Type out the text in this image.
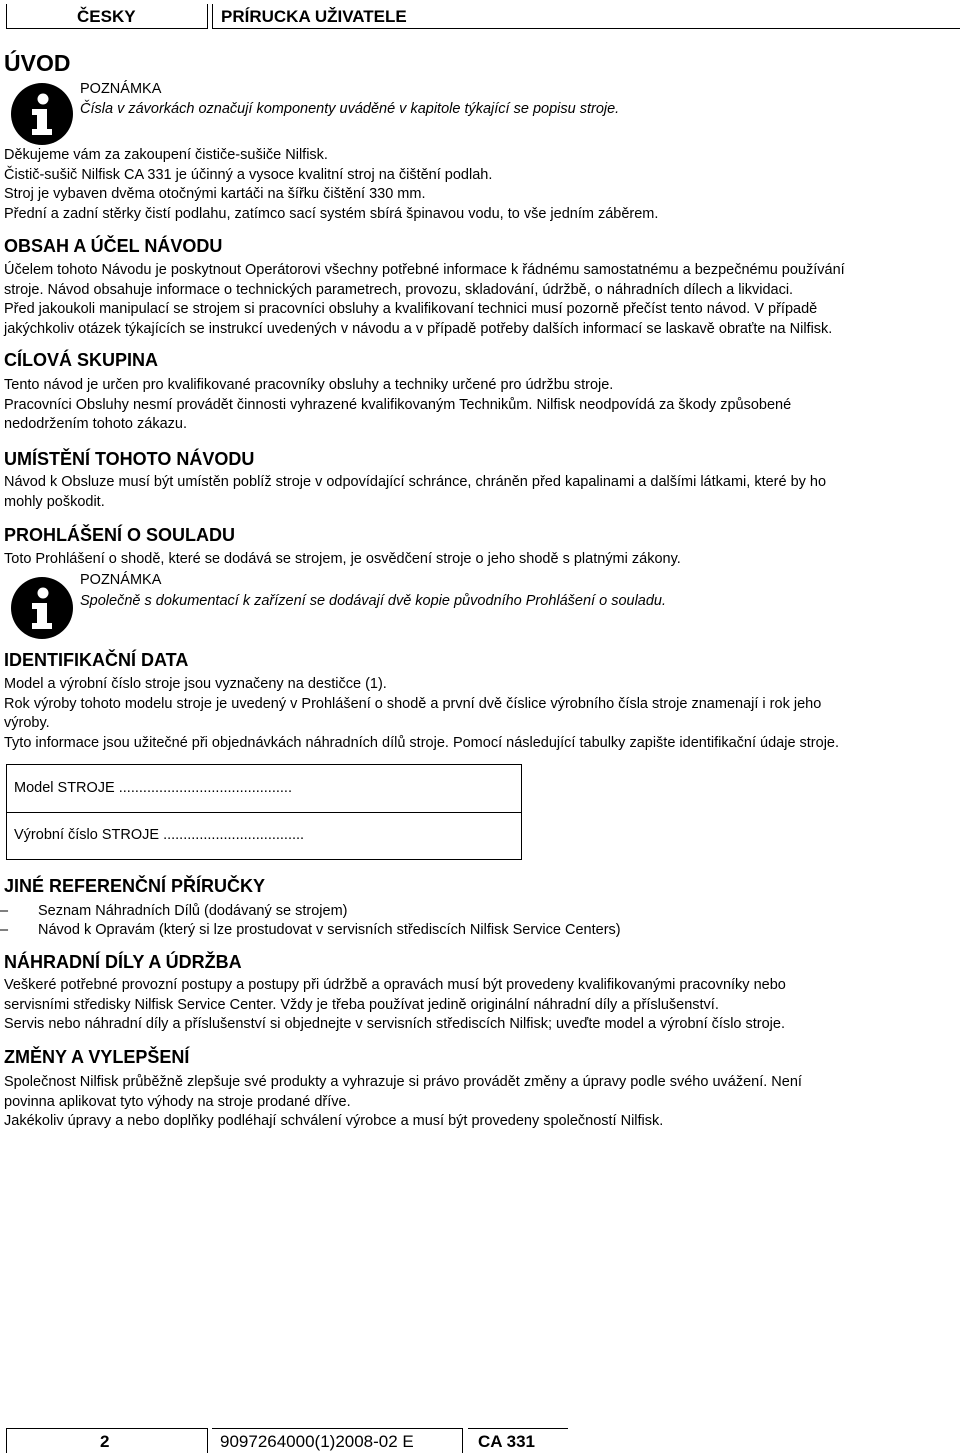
ČESKY	PRÍRUCKA UŽIVATELE
ÚVOD
POZNÁMKA
Čísla v závorkách označují komponenty uváděné v kapitole týkající se popisu stroje.
Děkujeme vám za zakoupení čističe-sušiče Nilfisk.
Čistič-sušič Nilfisk CA 331 je účinný a vysoce kvalitní stroj na čištění podlah.
Stroj je vybaven dvěma otočnými kartáči na šířku čištění 330 mm.
Přední a zadní stěrky čistí podlahu, zatímco sací systém sbírá špinavou vodu, to vše jedním záběrem.
OBSAH A ÚČEL NÁVODU
Účelem tohoto Návodu je poskytnout Operátorovi všechny potřebné informace k řádnému samostatnému a bezpečnému používání
stroje. Návod obsahuje informace o technických parametrech, provozu, skladování, údržbě, o náhradních dílech a likvidaci.
Před jakoukoli manipulací se strojem si pracovníci obsluhy a kvalifikovaní technici musí pozorně přečíst tento návod. V případě
jakýchkoliv otázek týkajících se instrukcí uvedených v návodu a v případě potřeby dalších informací se laskavě obraťte na Nilfisk.
CÍLOVÁ SKUPINA
Tento návod je určen pro kvalifikované pracovníky obsluhy a techniky určené pro údržbu stroje.
Pracovníci Obsluhy nesmí provádět činnosti vyhrazené kvalifikovaným Technikům. Nilfisk neodpovídá za škody způsobené
nedodržením tohoto zákazu.
UMÍSTĚNÍ TOHOTO NÁVODU
Návod k Obsluze musí být umístěn poblíž stroje v odpovídající schránce, chráněn před kapalinami a dalšími látkami, které by ho
mohly poškodit.
PROHLÁŠENÍ O SOULADU
Toto Prohlášení o shodě, které se dodává se strojem, je osvědčení stroje o jeho shodě s platnými zákony.
POZNÁMKA
Společně s dokumentací k zařízení se dodávají dvě kopie původního Prohlášení o souladu.
IDENTIFIKAČNÍ DATA
Model a výrobní číslo stroje jsou vyznačeny na destičce (1).
Rok výroby tohoto modelu stroje je uvedený v Prohlášení o shodě a první dvě číslice výrobního čísla stroje znamenají i rok jeho
výroby.
Tyto informace jsou užitečné při objednávkách náhradních dílů stroje. Pomocí následující tabulky zapište identifikační údaje stroje.
Model STROJE ...........................................
Výrobní číslo STROJE ...................................
JINÉ REFERENČNÍ PŘÍRUČKY
– Seznam Náhradních Dílů (dodávaný se strojem)
– Návod k Opravám (který si lze prostudovat v servisních střediscích Nilfisk Service Centers)
NÁHRADNÍ DÍLY A ÚDRŽBA
Veškeré potřebné provozní postupy a postupy při údržbě a opravách musí být provedeny kvalifikovanými pracovníky nebo
servisními středisky Nilfisk Service Center. Vždy je třeba používat jedině originální náhradní díly a příslušenství.
Servis nebo náhradní díly a příslušenství si objednejte v servisních střediscích Nilfisk; uveďte model a výrobní číslo stroje.
ZMĚNY A VYLEPŠENÍ
Společnost Nilfisk průběžně zlepšuje své produkty a vyhrazuje si právo provádět změny a úpravy podle svého uvážení. Není
povinna aplikovat tyto výhody na stroje prodané dříve.
Jakékoliv úpravy a nebo doplňky podléhají schválení výrobce a musí být provedeny společností Nilfisk.
2	9097264000(1)2008-02 E	CA 331
